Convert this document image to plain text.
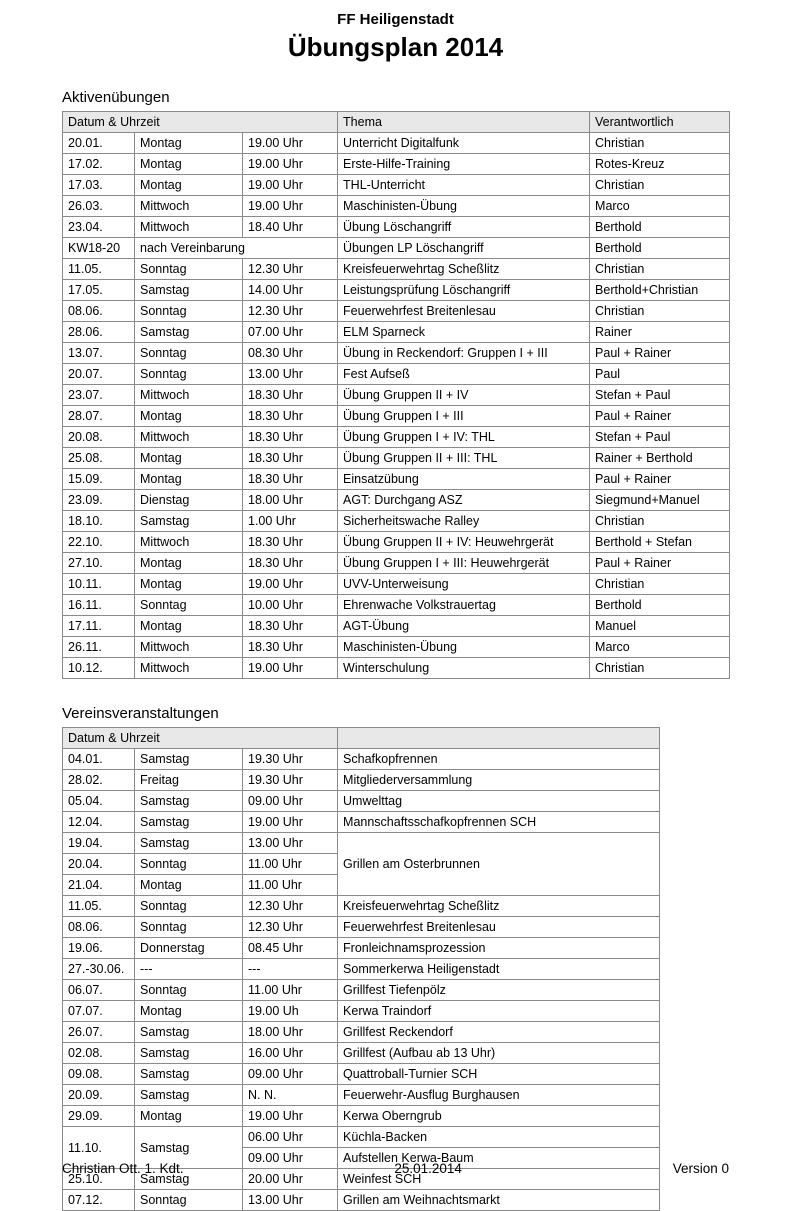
FF Heiligenstadt
Übungsplan 2014
Aktivenübungen
Datum & Uhrzeit			Thema	Verantwortlich
20.01.	Montag	19.00 Uhr	Unterricht Digitalfunk	Christian
17.02.	Montag	19.00 Uhr	Erste-Hilfe-Training	Rotes-Kreuz
17.03.	Montag	19.00 Uhr	THL-Unterricht	Christian
26.03.	Mittwoch	19.00 Uhr	Maschinisten-Übung	Marco
23.04.	Mittwoch	18.40 Uhr	Übung Löschangriff	Berthold
KW18-20	nach Vereinbarung		Übungen LP Löschangriff	Berthold
11.05.	Sonntag	12.30 Uhr	Kreisfeuerwehrtag Scheßlitz	Christian
17.05.	Samstag	14.00 Uhr	Leistungsprüfung Löschangriff	Berthold+Christian
08.06.	Sonntag	12.30 Uhr	Feuerwehrfest Breitenlesau	Christian
28.06.	Samstag	07.00 Uhr	ELM Sparneck	Rainer
13.07.	Sonntag	08.30 Uhr	Übung in Reckendorf: Gruppen I + III	Paul + Rainer
20.07.	Sonntag	13.00 Uhr	Fest Aufseß	Paul
23.07.	Mittwoch	18.30 Uhr	Übung Gruppen II + IV	Stefan + Paul
28.07.	Montag	18.30 Uhr	Übung Gruppen I + III	Paul + Rainer
20.08.	Mittwoch	18.30 Uhr	Übung Gruppen I + IV: THL	Stefan + Paul
25.08.	Montag	18.30 Uhr	Übung Gruppen II + III: THL	Rainer + Berthold
15.09.	Montag	18.30 Uhr	Einsatzübung	Paul + Rainer
23.09.	Dienstag	18.00 Uhr	AGT: Durchgang ASZ	Siegmund+Manuel
18.10.	Samstag	1.00 Uhr	Sicherheitswache Ralley	Christian
22.10.	Mittwoch	18.30 Uhr	Übung Gruppen II + IV: Heuwehrgerät	Berthold + Stefan
27.10.	Montag	18.30 Uhr	Übung Gruppen I + III: Heuwehrgerät	Paul + Rainer
10.11.	Montag	19.00 Uhr	UVV-Unterweisung	Christian
16.11.	Sonntag	10.00 Uhr	Ehrenwache Volkstrauertag	Berthold
17.11.	Montag	18.30 Uhr	AGT-Übung	Manuel
26.11.	Mittwoch	18.30 Uhr	Maschinisten-Übung	Marco
10.12.	Mittwoch	19.00 Uhr	Winterschulung	Christian
Vereinsveranstaltungen
Datum & Uhrzeit			
04.01.	Samstag	19.30 Uhr	Schafkopfrennen
28.02.	Freitag	19.30 Uhr	Mitgliederversammlung
05.04.	Samstag	09.00 Uhr	Umwelttag
12.04.	Samstag	19.00 Uhr	Mannschaftsschafkopfrennen SCH
19.04.	Samstag	13.00 Uhr	Grillen am Osterbrunnen
20.04.	Sonntag	11.00 Uhr	
21.04.	Montag	11.00 Uhr	
11.05.	Sonntag	12.30 Uhr	Kreisfeuerwehrtag Scheßlitz
08.06.	Sonntag	12.30 Uhr	Feuerwehrfest Breitenlesau
19.06.	Donnerstag	08.45 Uhr	Fronleichnamsprozession
27.-30.06.	---	---	Sommerkerwa Heiligenstadt
06.07.	Sonntag	11.00 Uhr	Grillfest Tiefenpölz
07.07.	Montag	19.00 Uh	Kerwa Traindorf
26.07.	Samstag	18.00 Uhr	Grillfest Reckendorf
02.08.	Samstag	16.00 Uhr	Grillfest (Aufbau ab 13 Uhr)
09.08.	Samstag	09.00 Uhr	Quattroball-Turnier SCH
20.09.	Samstag	N. N.	Feuerwehr-Ausflug Burghausen
29.09.	Montag	19.00 Uhr	Kerwa Oberngrub
11.10.	Samstag	06.00 Uhr	Küchla-Backen
		09.00 Uhr	Aufstellen Kerwa-Baum
25.10.	Samstag	20.00 Uhr	Weinfest SCH
07.12.	Sonntag	13.00 Uhr	Grillen am Weihnachtsmarkt
Christian Ott. 1. Kdt.	25.01.2014	Version 0
